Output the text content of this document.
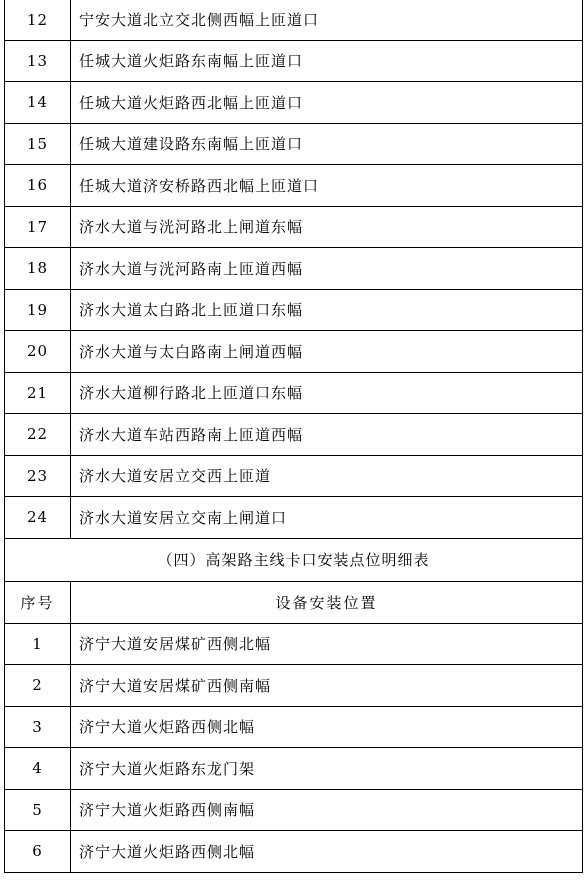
12	宁安大道北立交北侧西幅上匝道口
13	任城大道火炬路东南幅上匝道口
14	任城大道火炬路西北幅上匝道口
15	任城大道建设路东南幅上匝道口
16	任城大道济安桥路西北幅上匝道口
17	济水大道与洸河路北上闸道东幅
18	济水大道与洸河路南上匝道西幅
19	济水大道太白路北上匝道口东幅
20	济水大道与太白路南上闸道西幅
21	济水大道柳行路北上匝道口东幅
22	济水大道车站西路南上匝道西幅
23	济水大道安居立交西上匝道
24	济水大道安居立交南上闸道口
（四）高架路主线卡口安装点位明细表	
序号	设备安装位置
1	济宁大道安居煤矿西侧北幅
2	济宁大道安居煤矿西侧南幅
3	济宁大道火炬路西侧北幅
4	济宁大道火炬路东龙门架
5	济宁大道火炬路西侧南幅
6	济宁大道火炬路西侧北幅
